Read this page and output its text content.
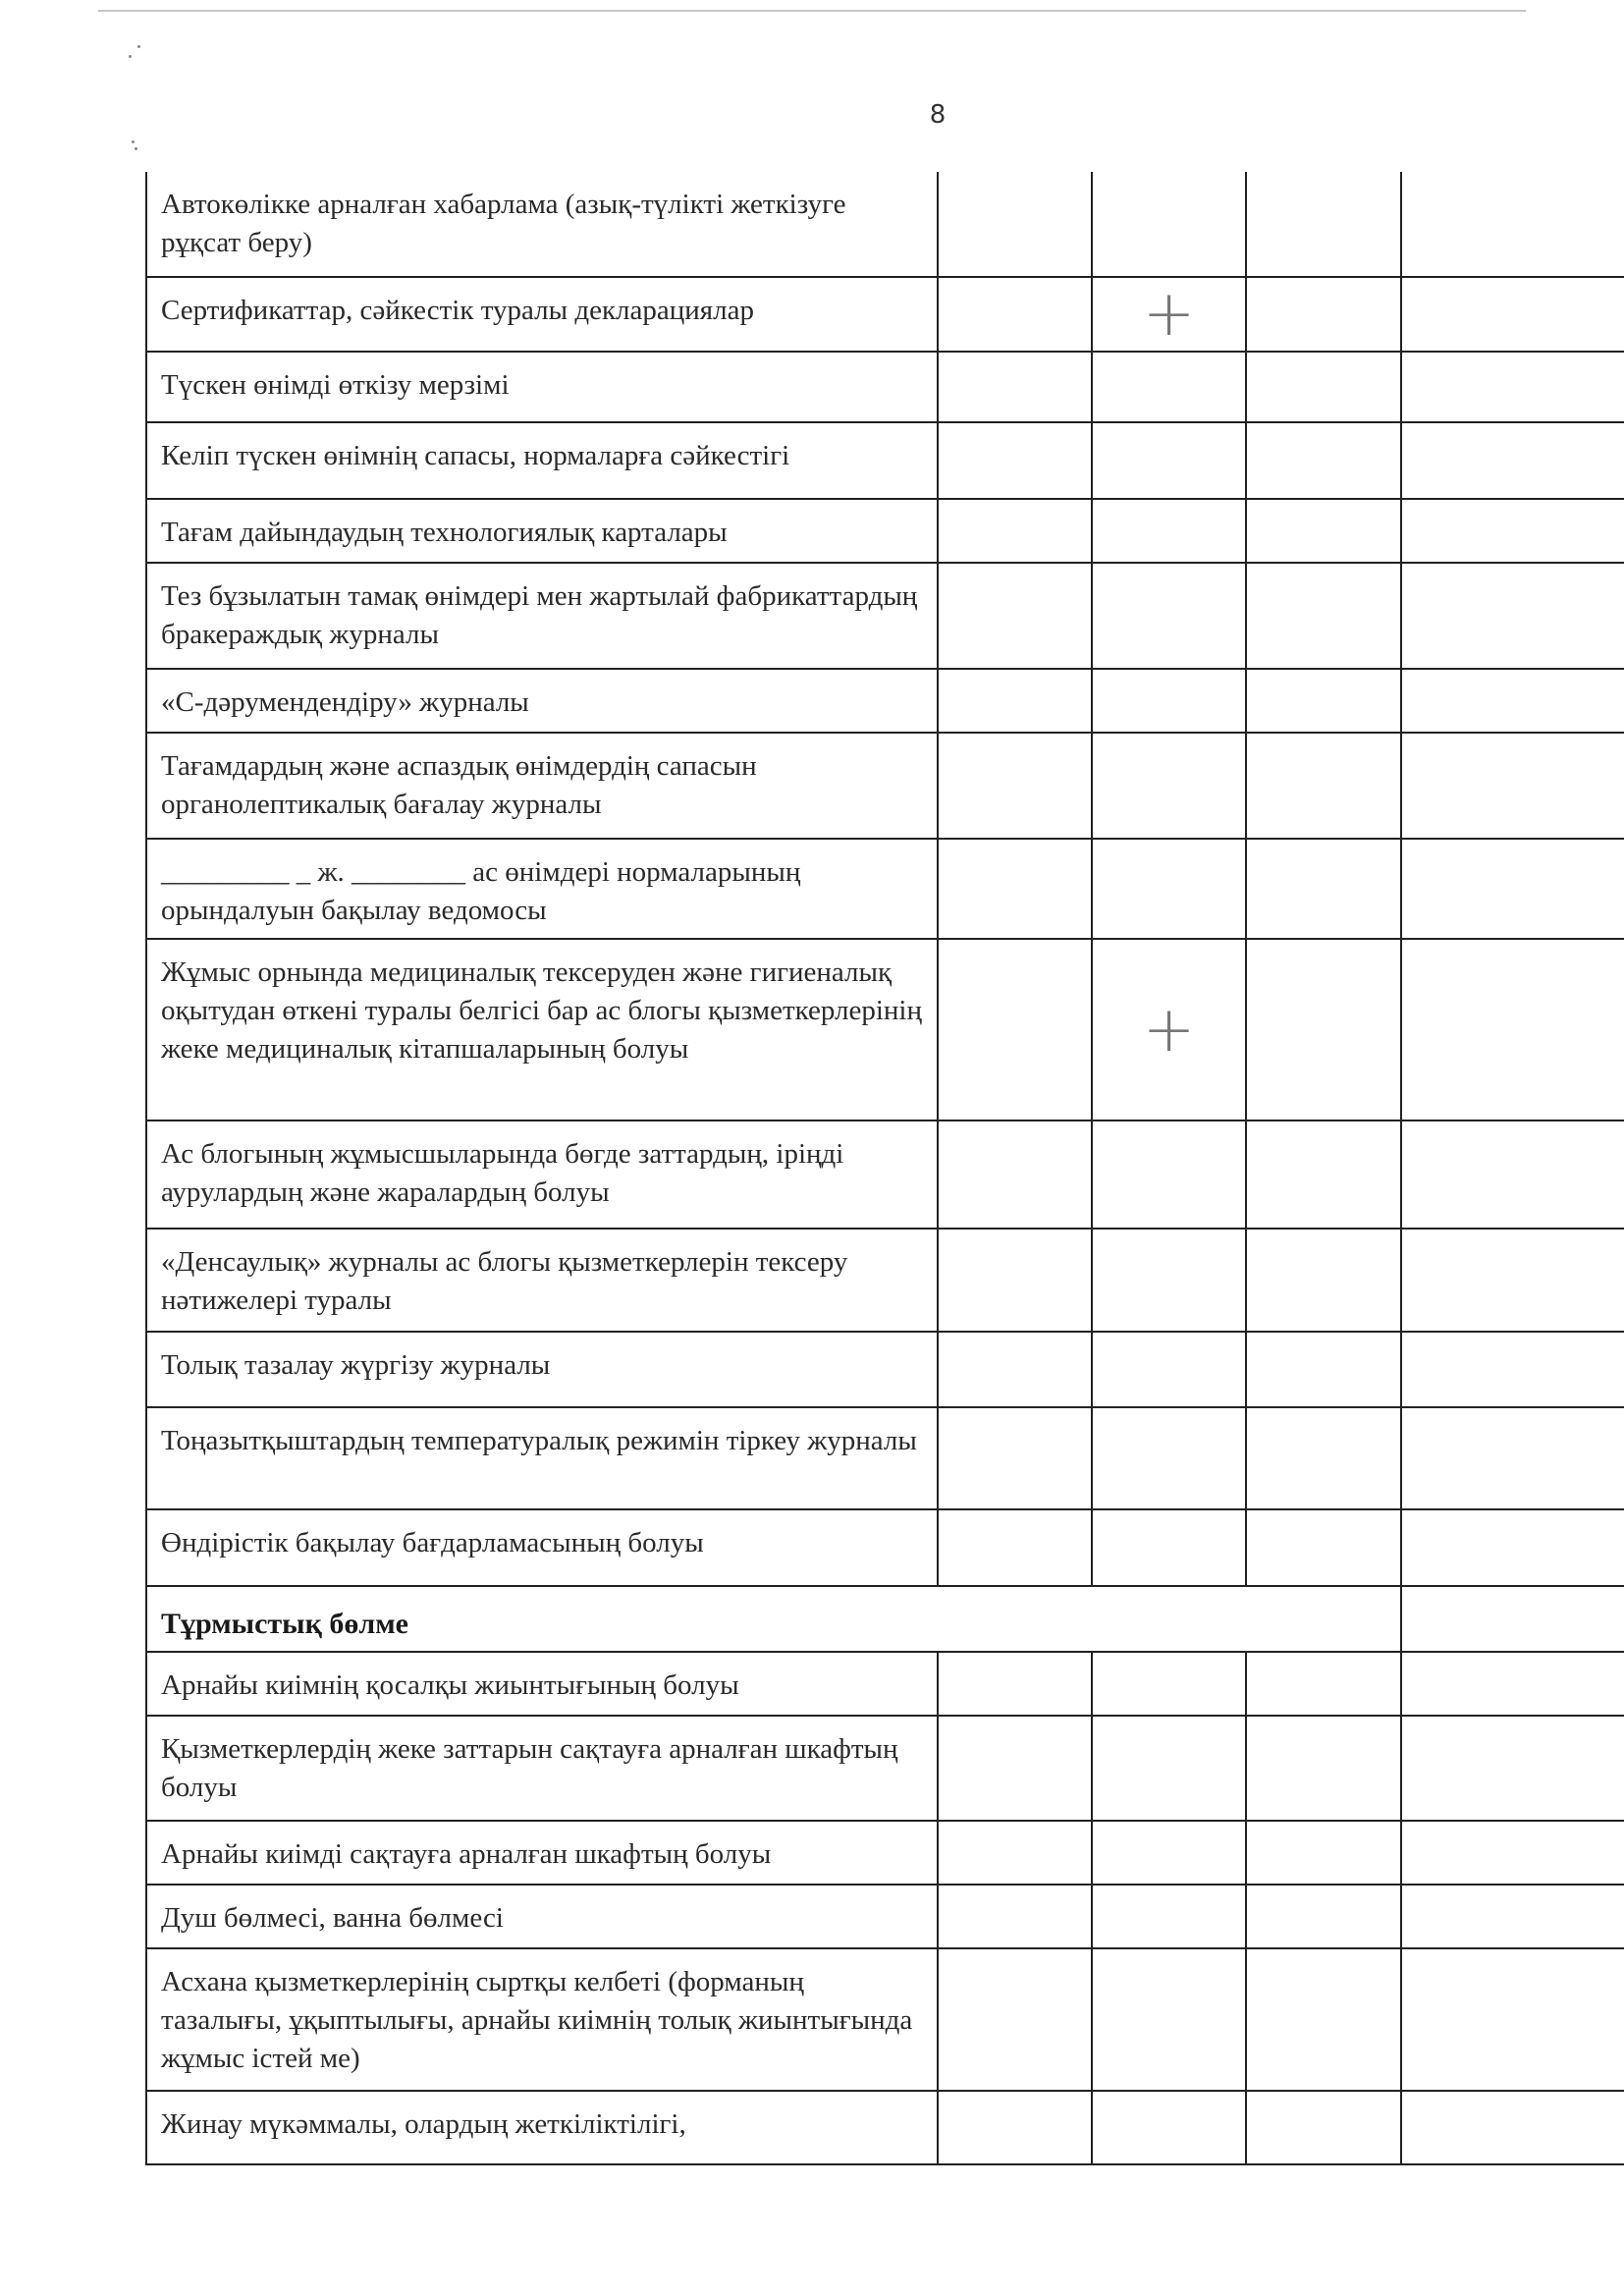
8
Автокөлікке арналған хабарлама (азық-түлікті жеткізуге рұқсат беру)				
Сертификаттар, сәйкестік туралы декларациялар		+		
Түскен өнімді өткізу мерзімі				
Келіп түскен өнімнің сапасы, нормаларға сәйкестігі				
Тағам дайындаудың технологиялық карталары				
Тез бұзылатын тамақ өнімдері мен жартылай фабрикаттардың бракераждық журналы				
«С-дәрумендендіру» журналы				
Тағамдардың және аспаздық өнімдердің сапасын органолептикалық бағалау журналы				
_________ _ ж. ________ ас өнімдері нормаларының орындалуын бақылау ведомосы				
Жұмыс орнында медициналық тексеруден және гигиеналық оқытудан өткені туралы белгісі бар ас блогы қызметкерлерінің жеке медициналық кітапшаларының болуы		+		
Ас блогының жұмысшыларында бөгде заттардың, іріңді аурулардың және жаралардың болуы				
«Денсаулық» журналы ас блогы қызметкерлерін тексеру нәтижелері туралы				
Толық тазалау жүргізу журналы				
Тоңазытқыштардың температуралық режимін тіркеу журналы				
Өндірістік бақылау бағдарламасының болуы				
Тұрмыстық бөлме				
Арнайы киімнің қосалқы жиынтығының болуы				
Қызметкерлердің жеке заттарын сақтауға арналған шкафтың болуы				
Арнайы киімді сақтауға арналған шкафтың болуы				
Душ бөлмесі, ванна бөлмесі				
Асхана қызметкерлерінің сыртқы келбеті (форманың тазалығы, ұқыптылығы, арнайы киімнің толық жиынтығында жұмыс істей ме)				
Жинау мүкәммалы, олардың жеткіліктілігі,				
